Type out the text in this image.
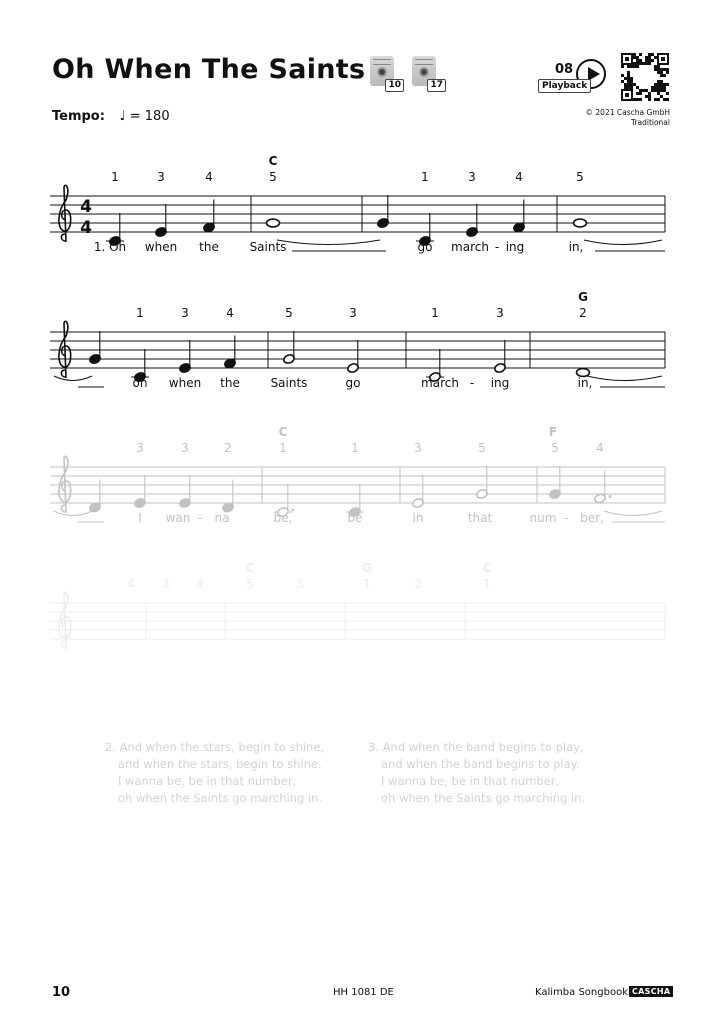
Oh When The Saints	10	17
Tempo: ♩ = 180
08
Playback
© 2021 Cascha GmbH
Traditional
4
4
1	3	4	5	1	3	4	5
C
1. Oh when the	Saints	go march - ing	in,
1	3	4	5	3	1	3	2
G
oh when the	Saints	go	march - ing	in,
3	3	2	1	1	3	5	5	4
C	F
I wan - na	be,	be	in	that	num - ber,
4 3 4	5	3	1	2	1
C	G	C
2. And when the stars, begin to shine,
and when the stars, begin to shine.
I wanna be, be in that number,
oh when the Saints go marching in.
3. And when the band begins to play,
and when the band begins to play.
I wanna be, be in that number,
oh when the Saints go marching in.
10	HH 1081 DE	Kalimba Songbook CASCHA
